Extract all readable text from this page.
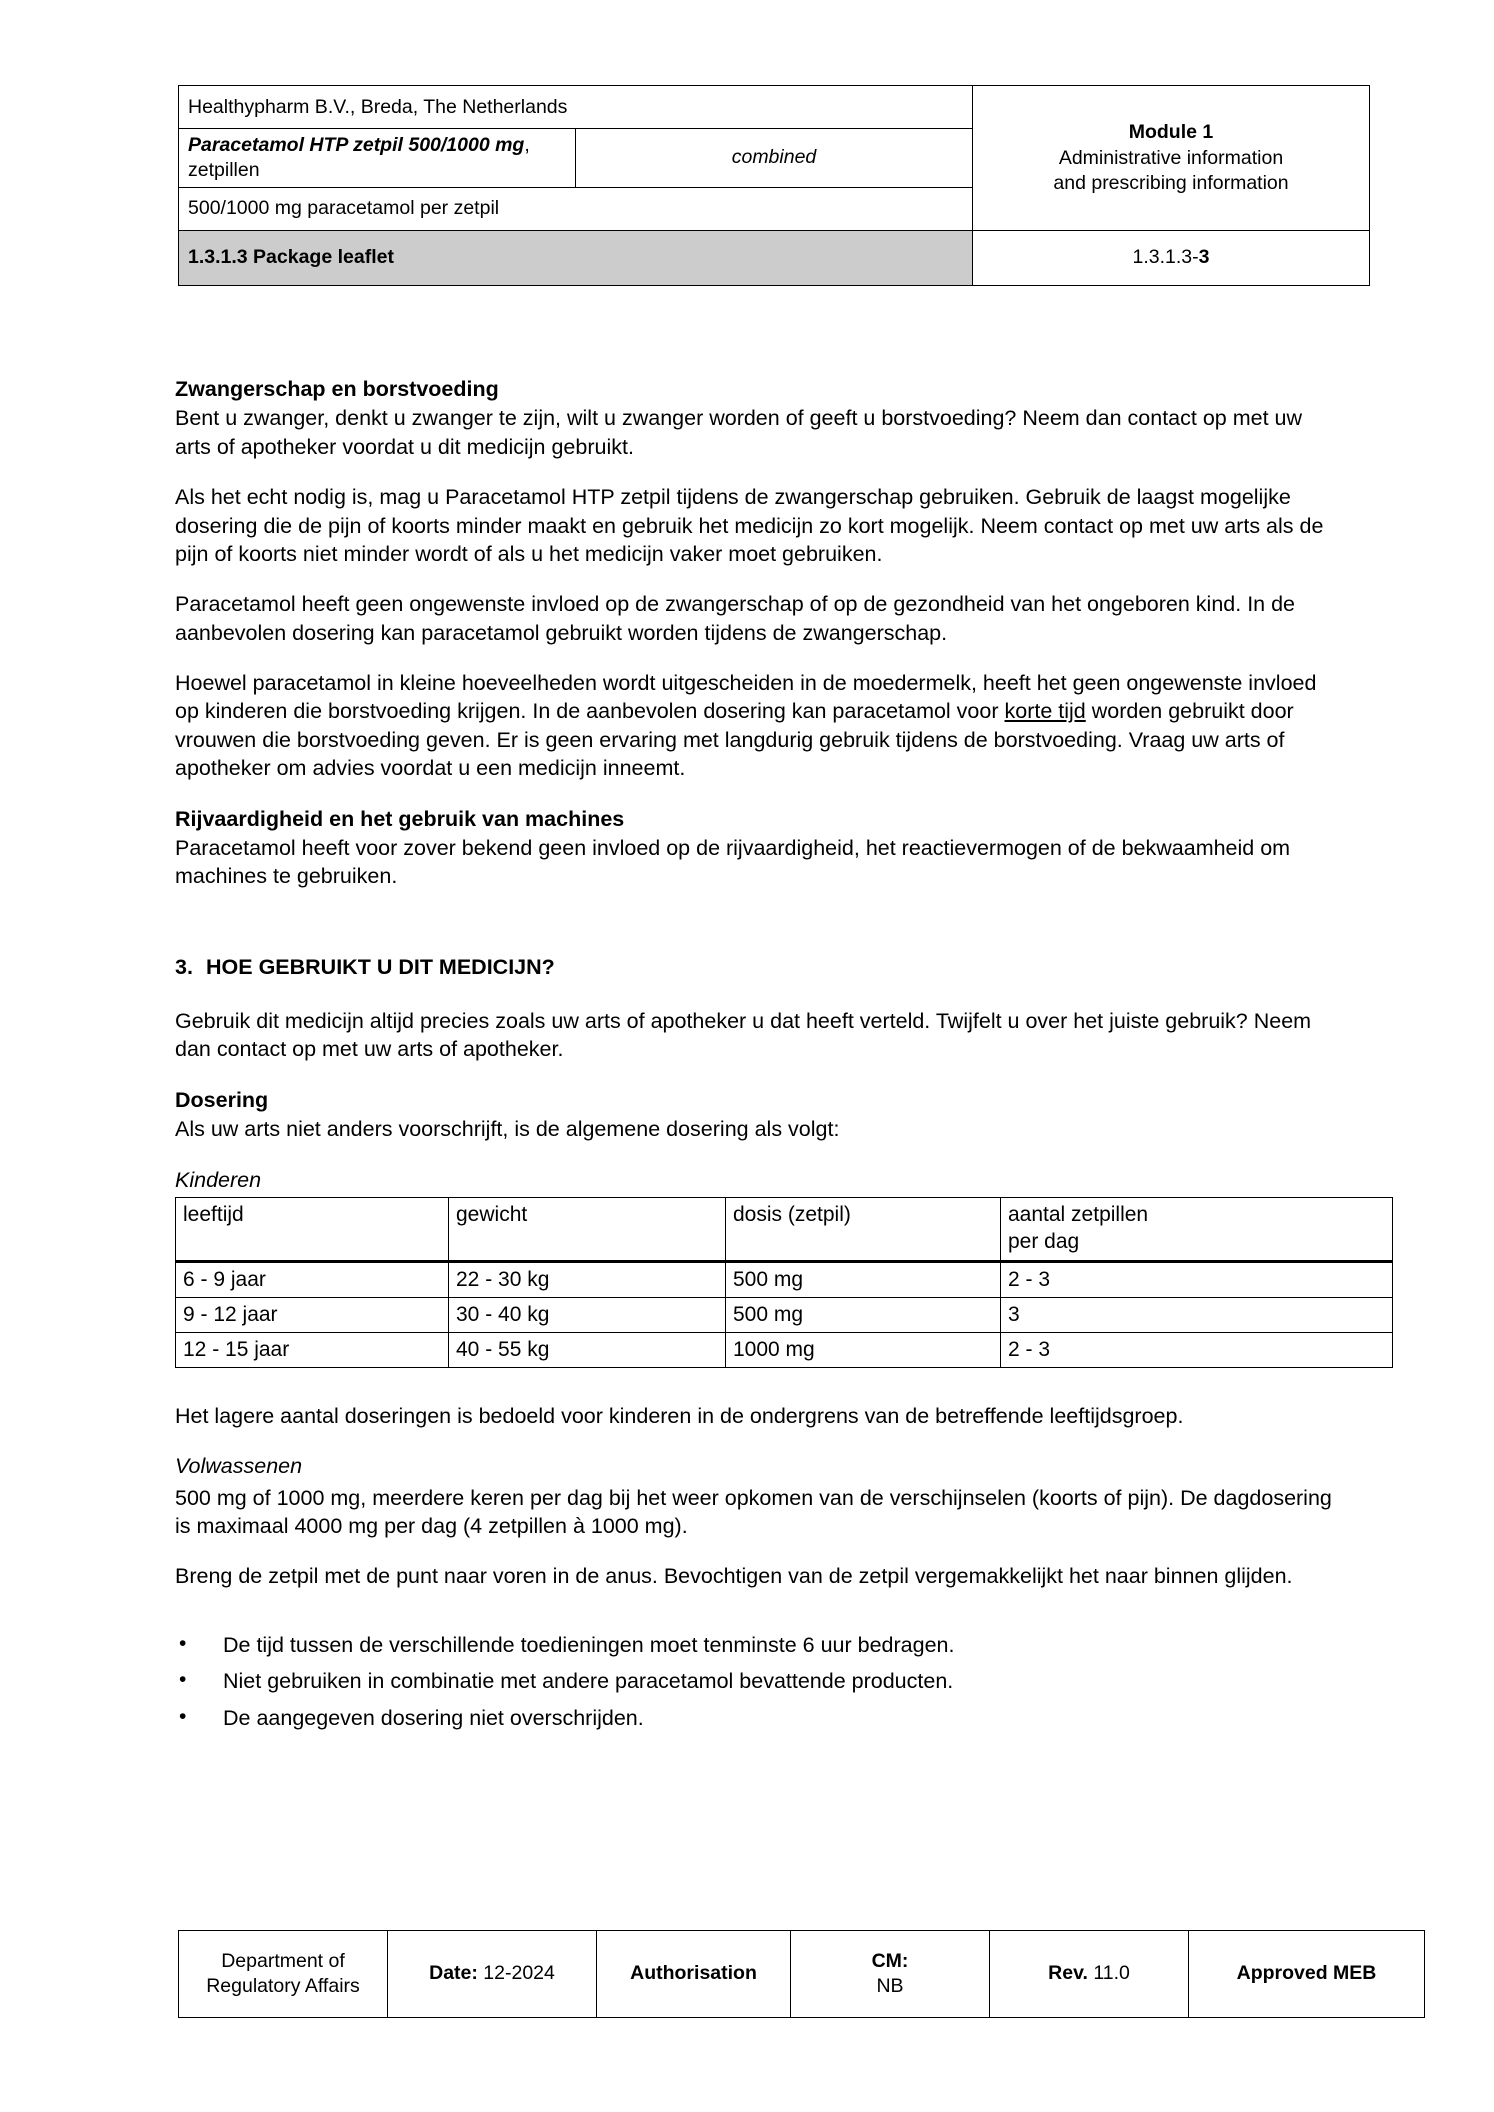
Healthypharm B.V., Breda, The Netherlands		Module 1
Administrative information
and prescribing information

Paracetamol HTP zetpil 500/1000 mg, zetpillen	combined	
500/1000 mg paracetamol per zetpil		
1.3.1.3 Package leaflet		1.3.1.3-3
Zwangerschap en borstvoeding

Bent u zwanger, denkt u zwanger te zijn, wilt u zwanger worden of geeft u borstvoeding? Neem dan contact op met uw arts of apotheker voordat u dit medicijn gebruikt.

Als het echt nodig is, mag u Paracetamol HTP zetpil tijdens de zwangerschap gebruiken. Gebruik de laagst mogelijke dosering die de pijn of koorts minder maakt en gebruik het medicijn zo kort mogelijk. Neem contact op met uw arts als de pijn of koorts niet minder wordt of als u het medicijn vaker moet gebruiken.

Paracetamol heeft geen ongewenste invloed op de zwangerschap of op de gezondheid van het ongeboren kind. In de aanbevolen dosering kan paracetamol gebruikt worden tijdens de zwangerschap.

Hoewel paracetamol in kleine hoeveelheden wordt uitgescheiden in de moedermelk, heeft het geen ongewenste invloed op kinderen die borstvoeding krijgen. In de aanbevolen dosering kan paracetamol voor korte tijd worden gebruikt door vrouwen die borstvoeding geven. Er is geen ervaring met langdurig gebruik tijdens de borstvoeding. Vraag uw arts of apotheker om advies voordat u een medicijn inneemt.

Rijvaardigheid en het gebruik van machines

Paracetamol heeft voor zover bekend geen invloed op de rijvaardigheid, het reactievermogen of de bekwaamheid om machines te gebruiken.

3. HOE GEBRUIKT U DIT MEDICIJN?

Gebruik dit medicijn altijd precies zoals uw arts of apotheker u dat heeft verteld. Twijfelt u over het juiste gebruik? Neem dan contact op met uw arts of apotheker.

Dosering

Als uw arts niet anders voorschrijft, is de algemene dosering als volgt:

Kinderen

leeftijd	gewicht	dosis (zetpil)	aantal zetpillen
per dag
6 - 9 jaar	22 - 30 kg	500 mg	2 - 3
9 - 12 jaar	30 - 40 kg	500 mg	3
12 - 15 jaar	40 - 55 kg	1000 mg	2 - 3

Het lagere aantal doseringen is bedoeld voor kinderen in de ondergrens van de betreffende leeftijdsgroep.

Volwassenen

500 mg of 1000 mg, meerdere keren per dag bij het weer opkomen van de verschijnselen (koorts of pijn). De dagdosering is maximaal 4000 mg per dag (4 zetpillen à 1000 mg).

Breng de zetpil met de punt naar voren in de anus. Bevochtigen van de zetpil vergemakkelijkt het naar binnen glijden.

• De tijd tussen de verschillende toedieningen moet tenminste 6 uur bedragen.
• Niet gebruiken in combinatie met andere paracetamol bevattende producten.
• De aangegeven dosering niet overschrijden.
Department of
Regulatory Affairs	Date: 12-2024	Authorisation	CM:
NB
	Rev. 11.0	Approved MEB
